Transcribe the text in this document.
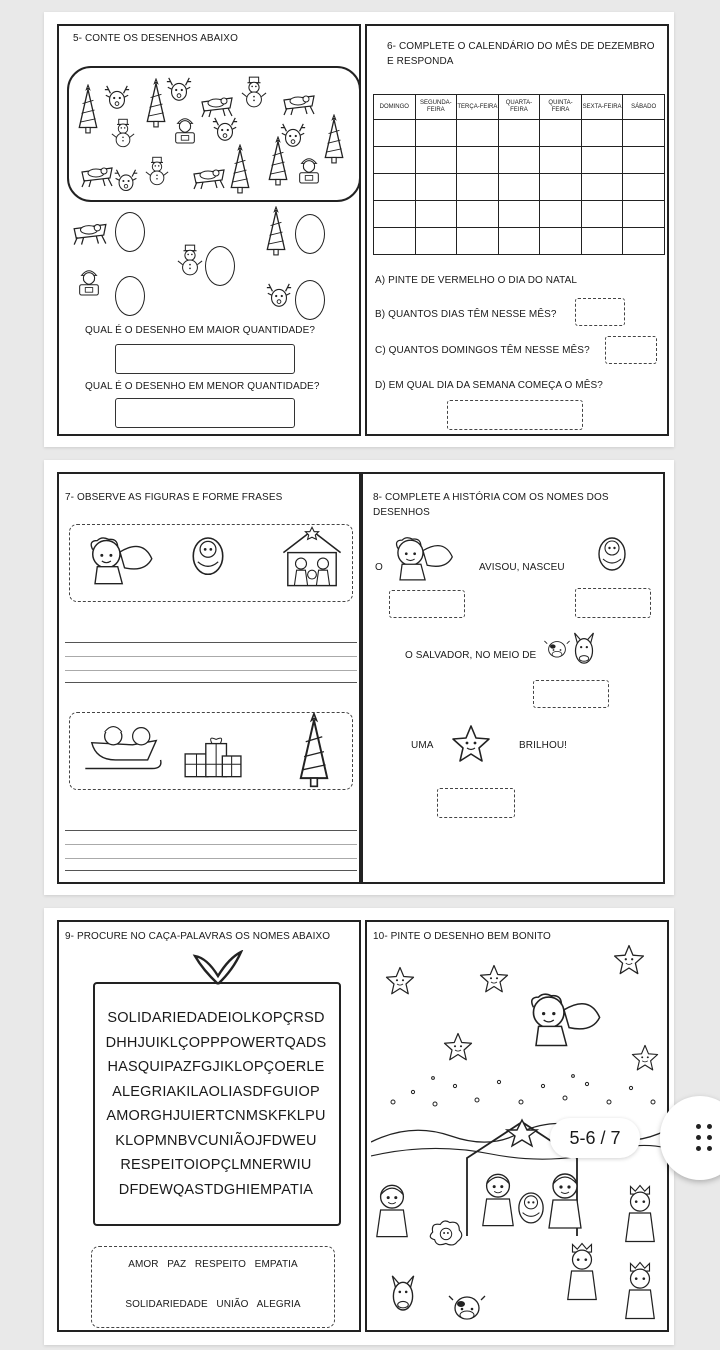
5- CONTE OS DESENHOS ABAIXO
QUAL É O DESENHO EM MAIOR QUANTIDADE?
QUAL É O DESENHO EM MENOR QUANTIDADE?
6- COMPLETE O CALENDÁRIO DO MÊS DE DEZEMBRO
E RESPONDA
DOMINGO	SEGUNDA-FEIRA	TERÇA-FEIRA	QUARTA-FEIRA	QUINTA-FEIRA	SEXTA-FEIRA	SÁBADO

A) PINTE DE VERMELHO O DIA DO NATAL
B) QUANTOS DIAS TÊM NESSE MÊS?
C) QUANTOS DOMINGOS TÊM NESSE MÊS?
D) EM QUAL DIA DA SEMANA COMEÇA O MÊS?
7- OBSERVE AS FIGURAS E FORME FRASES	8- COMPLETE A HISTÓRIA COM OS NOMES DOS
DESENHOS
O	AVISOU, NASCEU
O SALVADOR, NO MEIO DE
UMA	BRILHOU!
9- PROCURE NO CAÇA-PALAVRAS OS NOMES ABAIXO
SOLIDARIEDADEIOLKOPÇRSD
DHHJUIKLÇOPPPOWERTQADS
HASQUIPAZFGJIKLOPÇOERLE
ALEGRIAKILAOLIASDFGUIOP
AMORGHJUIERTCNMSKFKLPU
KLOPMNBVCUNIÃOJFDWEU
RESPEITOIOPÇLMNERWIU
DFDEWQASTDGHIEMPATIA
AMOR   PAZ   RESPEITO   EMPATIA
SOLIDARIEDADE   UNIÃO   ALEGRIA
10- PINTE O DESENHO BEM BONITO
5-6 / 7
